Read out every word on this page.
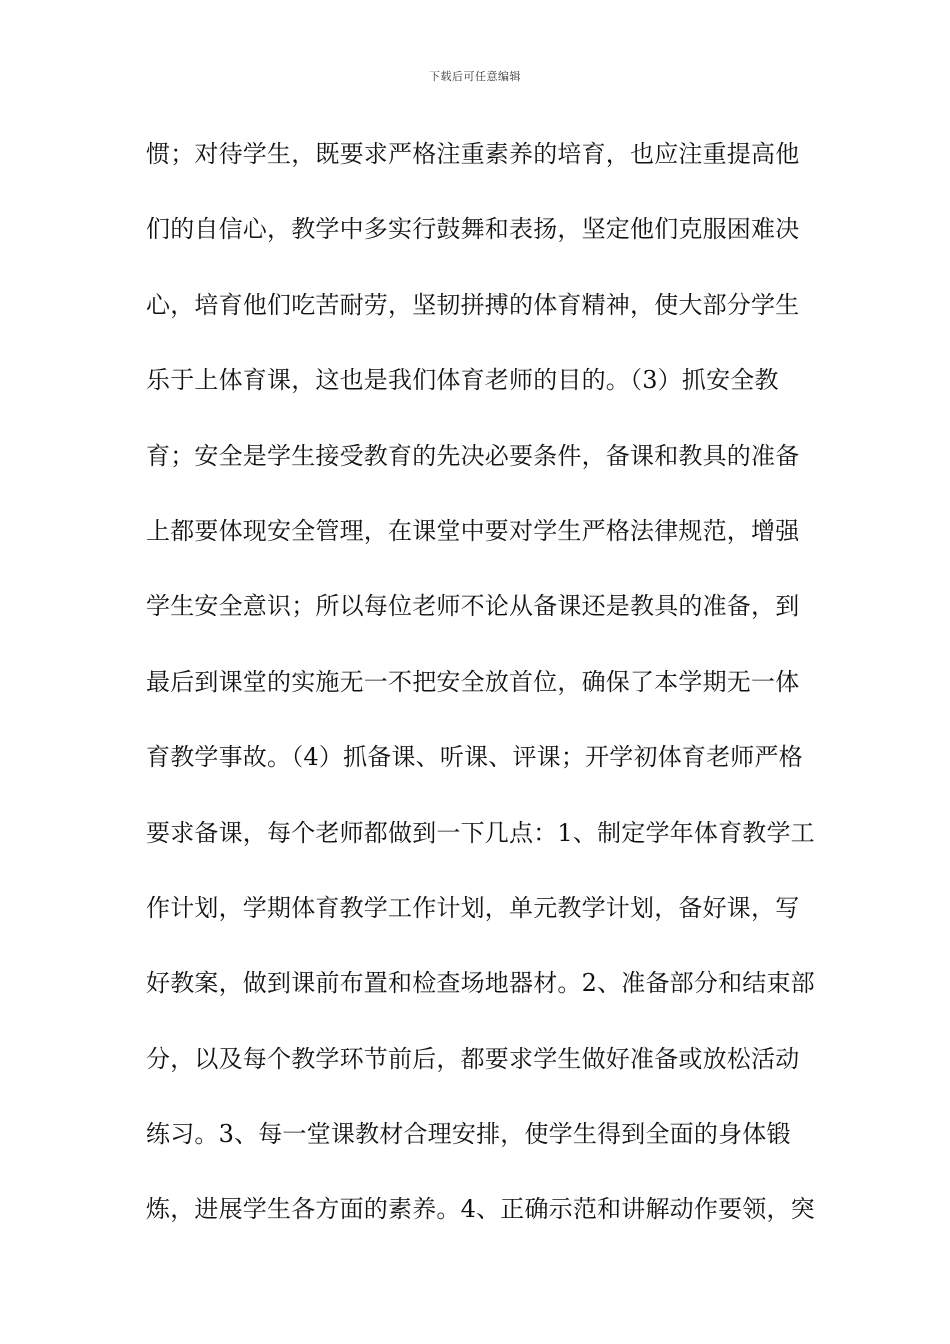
下载后可任意编辑
惯；对待学生，既要求严格注重素养的培育，也应注重提高他
们的自信心，教学中多实行鼓舞和表扬，坚定他们克服困难决
心，培育他们吃苦耐劳，坚韧拼搏的体育精神，使大部分学生
乐于上体育课，这也是我们体育老师的目的。（3）抓安全教
育；安全是学生接受教育的先决必要条件，备课和教具的准备
上都要体现安全管理，在课堂中要对学生严格法律规范，增强
学生安全意识；所以每位老师不论从备课还是教具的准备，到
最后到课堂的实施无一不把安全放首位，确保了本学期无一体
育教学事故。（4）抓备课、听课、评课；开学初体育老师严格
要求备课，每个老师都做到一下几点：1、制定学年体育教学工
作计划，学期体育教学工作计划，单元教学计划，备好课，写
好教案，做到课前布置和检查场地器材。2、准备部分和结束部
分，以及每个教学环节前后，都要求学生做好准备或放松活动
练习。3、每一堂课教材合理安排，使学生得到全面的身体锻
炼，进展学生各方面的素养。4、正确示范和讲解动作要领，突
